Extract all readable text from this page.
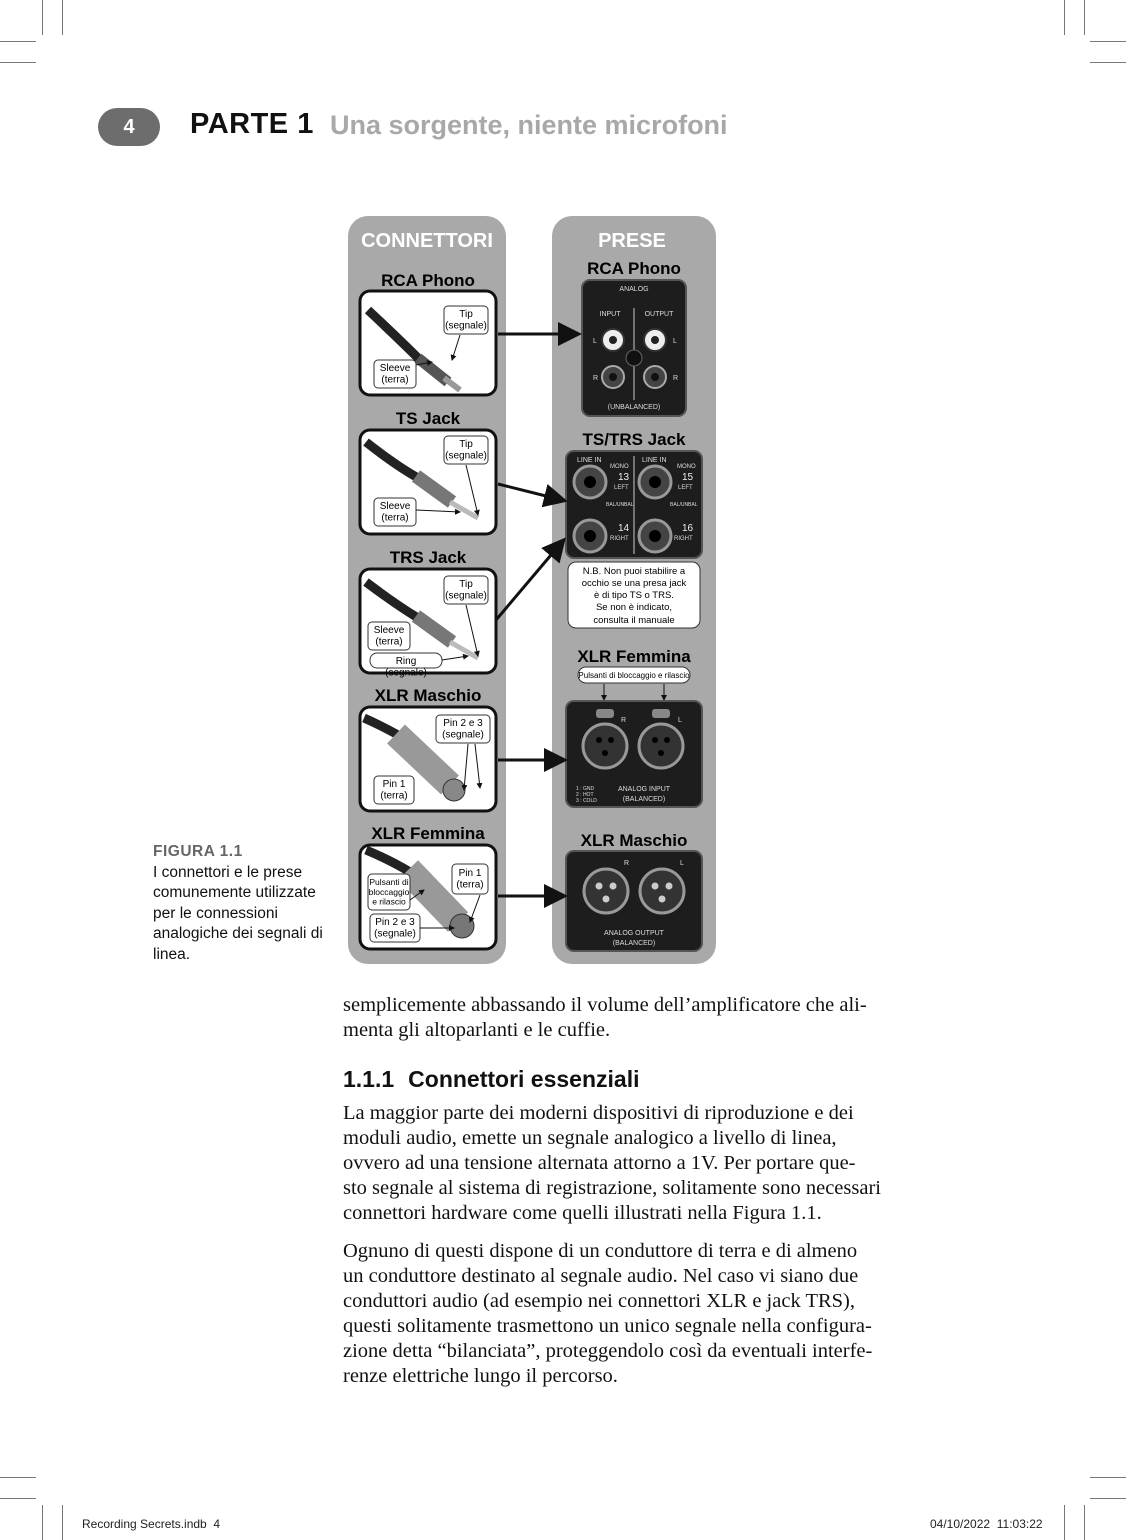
4	PARTE 1 Una sorgente, niente microfoni
CONNETTORI	PRESE
RCA Phono
Tip (segnale)
Sleeve (terra)
TS Jack
Tip (segnale)
Sleeve (terra)
TRS Jack
Tip (segnale)
Sleeve (terra)
Ring (segnale)
XLR Maschio
Pin 2 e 3 (segnale)
Pin 1 (terra)
XLR Femmina
Pulsanti di bloccaggio e rilascio
Pin 1 (terra)
Pin 2 e 3 (segnale)
RCA Phono
ANALOG
INPUT	OUTPUT
L	L
R	R
(UNBALANCED)
TS/TRS Jack
LINE IN	LINE IN
MONO	MONO
13
LEFT
15
LEFT
BAL/UNBAL	BAL/UNBAL
14
RIGHT
16
RIGHT
N.B. Non puoi stabilire a
occhio se una presa jack
è di tipo TS o TRS.
Se non è indicato,
consulta il manuale
XLR Femmina
Pulsanti di bloccaggio e rilascio
R	L
1 : GND
2 : HOT
3 : COLD
ANALOG INPUT
(BALANCED)
XLR Maschio
R	L
ANALOG OUTPUT
(BALANCED)
FIGURA 1.1
I connettori e le prese comunemente utilizzate per le connessioni analogiche dei segnali di linea.
semplicemente abbassando il volume dell’amplificatore che ali-
menta gli altoparlanti e le cuffie.
1.1.1 Connettori essenziali
La maggior parte dei moderni dispositivi di riproduzione e dei
moduli audio, emette un segnale analogico a livello di linea,
ovvero ad una tensione alternata attorno a 1V. Per portare que-
sto segnale al sistema di registrazione, solitamente sono necessari
connettori hardware come quelli illustrati nella Figura 1.1.
Ognuno di questi dispone di un conduttore di terra e di almeno
un conduttore destinato al segnale audio. Nel caso vi siano due
conduttori audio (ad esempio nei connettori XLR e jack TRS),
questi solitamente trasmettono un unico segnale nella configura-
zione detta “bilanciata”, proteggendolo così da eventuali interfe-
renze elettriche lungo il percorso.
Recording Secrets.indb 4	04/10/2022 11:03:22
